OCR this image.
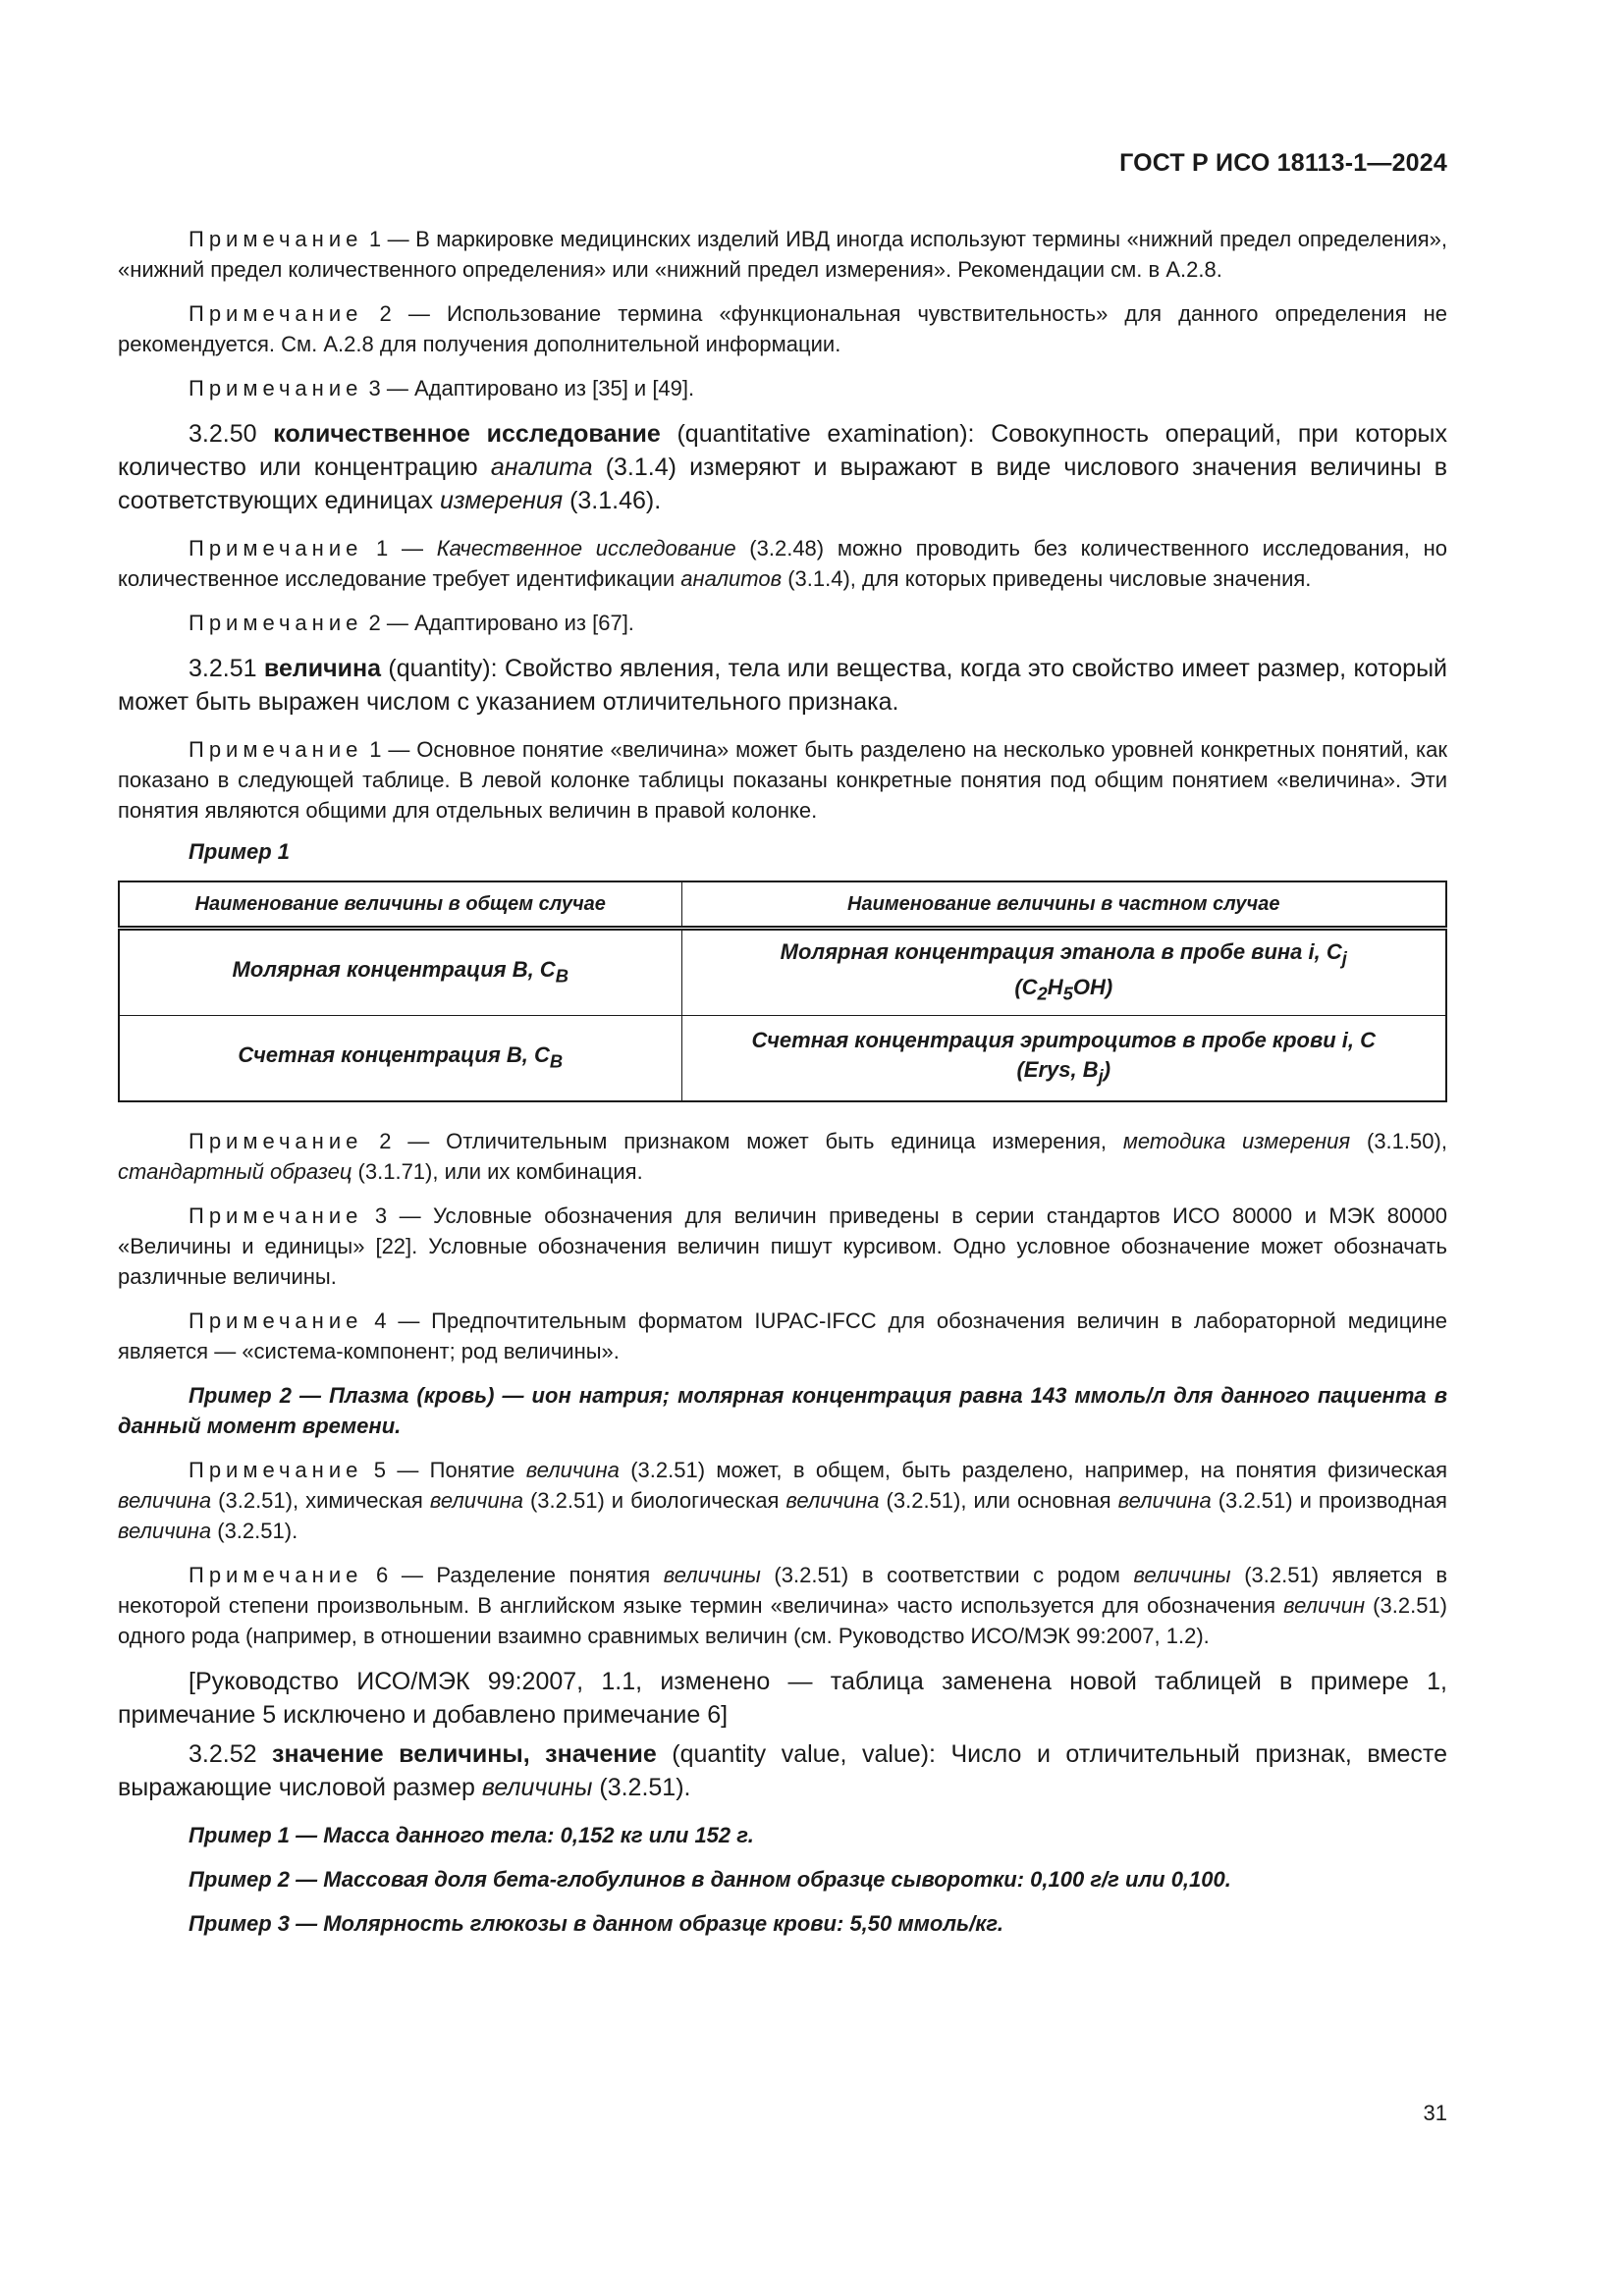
ГОСТ Р ИСО 18113-1—2024

Примечание 1 — В маркировке медицинских изделий ИВД иногда используют термины «нижний предел определения», «нижний предел количественного определения» или «нижний предел измерения». Рекомендации см. в А.2.8.

Примечание 2 — Использование термина «функциональная чувствительность» для данного определения не рекомендуется. См. А.2.8 для получения дополнительной информации.

Примечание 3 — Адаптировано из [35] и [49].

3.2.50 количественное исследование (quantitative examination): Совокупность операций, при которых количество или концентрацию аналита (3.1.4) измеряют и выражают в виде числового значения величины в соответствующих единицах измерения (3.1.46).

Примечание 1 — Качественное исследование (3.2.48) можно проводить без количественного исследования, но количественное исследование требует идентификации аналитов (3.1.4), для которых приведены числовые значения.

Примечание 2 — Адаптировано из [67].

3.2.51 величина (quantity): Свойство явления, тела или вещества, когда это свойство имеет размер, который может быть выражен числом с указанием отличительного признака.

Примечание 1 — Основное понятие «величина» может быть разделено на несколько уровней конкретных понятий, как показано в следующей таблице. В левой колонке таблицы показаны конкретные понятия под общим понятием «величина». Эти понятия являются общими для отдельных величин в правой колонке.

Пример 1
Наименование величины в общем случае	Наименование величины в частном случае
Молярная концентрация B, $C_B$	Молярная концентрация этанола в пробе вина i, $C_j$
$(C_2H_5OH)$
Счетная концентрация B, $C_B$	Счетная концентрация эритроцитов в пробе крови i, C
(Erys, $B_j$)

Примечание 2 — Отличительным признаком может быть единица измерения, методика измерения (3.1.50), стандартный образец (3.1.71), или их комбинация.

Примечание 3 — Условные обозначения для величин приведены в серии стандартов ИСО 80000 и МЭК 80000 «Величины и единицы» [22]. Условные обозначения величин пишут курсивом. Одно условное обозначение может обозначать различные величины.

Примечание 4 — Предпочтительным форматом IUPAC-IFCC для обозначения величин в лабораторной медицине является — «система-компонент; род величины».

Пример 2 — Плазма (кровь) — ион натрия; молярная концентрация равна 143 ммоль/л для данного пациента в данный момент времени.

Примечание 5 — Понятие величина (3.2.51) может, в общем, быть разделено, например, на понятия физическая величина (3.2.51), химическая величина (3.2.51) и биологическая величина (3.2.51), или основная величина (3.2.51) и производная величина (3.2.51).

Примечание 6 — Разделение понятия величины (3.2.51) в соответствии с родом величины (3.2.51) является в некоторой степени произвольным. В английском языке термин «величина» часто используется для обозначения величин (3.2.51) одного рода (например, в отношении взаимно сравнимых величин (см. Руководство ИСО/МЭК 99:2007, 1.2).

[Руководство ИСО/МЭК 99:2007, 1.1, изменено — таблица заменена новой таблицей в примере 1, примечание 5 исключено и добавлено примечание 6]

3.2.52 значение величины, значение (quantity value, value): Число и отличительный признак, вместе выражающие числовой размер величины (3.2.51).

Пример 1 — Масса данного тела: 0,152 кг или 152 г.

Пример 2 — Массовая доля бета-глобулинов в данном образце сыворотки: 0,100 г/г или 0,100.

Пример 3 — Молярность глюкозы в данном образце крови: 5,50 ммоль/кг.

31
